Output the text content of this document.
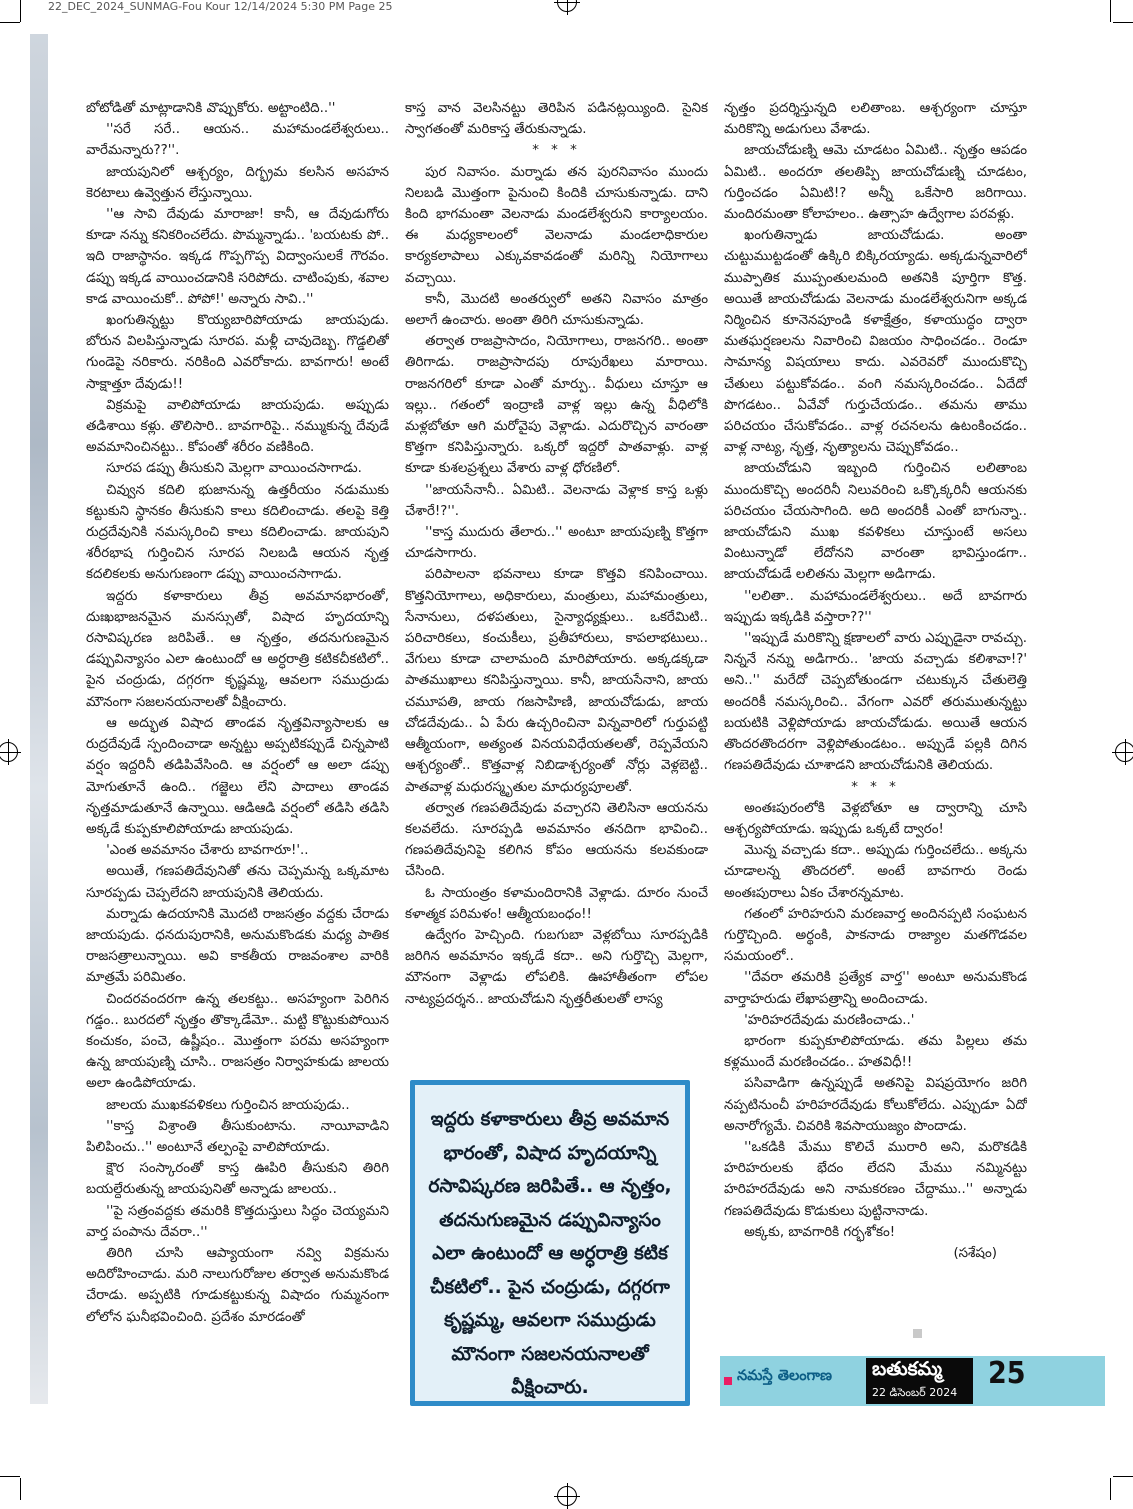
22_DEC_2024_SUNMAG-Fou Kour 12/14/2024 5:30 PM Page 25

బోటోడితో మాట్లాడానికి వొప్పుకోరు. అట్టాంటిది..''

''సరే సరే.. ఆయన.. మహామండలేశ్వరులు.. వారేమన్నారు??''.

జాయపునిలో ఆశ్చర్యం, దిగ్భ్రమ కలసిన అసహన కెరటాలు ఉవ్వెత్తున లేస్తున్నాయి.

''ఆ సావి దేవుడు మారాజా! కానీ, ఆ దేవుడుగోరు కూడా నన్ను కనికరించలేదు. పొమ్మన్నాడు.. 'బయటకు పో.. ఇది రాజాస్థానం. ఇక్కడ గొప్పగొప్ప విద్వాంసులకే గౌరవం. డప్పు ఇక్కడ వాయించడానికి సరిపోదు. చాటింపుకు, శవాల కాడ వాయించుకో.. పోపో!' అన్నారు సావి..''

ఖంగుతిన్నట్టు కొయ్యబారిపోయాడు జాయపుడు. బోరున విలపిస్తున్నాడు సూరప. మళ్లీ చావుదెబ్బ. గొడ్డలితో గుండెపై నరికారు. నరికింది ఎవరోకాదు. బావగారు! అంటే సాక్షాత్తూ దేవుడు!!

విక్రమపై వాలిపోయాడు జాయపుడు. అప్పుడు తడిశాయి కళ్లు. తొలిసారి.. బావగారిపై.. నమ్ముకున్న దేవుడే అవమానించినట్టు.. కోపంతో శరీరం వణికింది.

సూరప డప్పు తీసుకుని మెల్లగా వాయించసాగాడు.

చివ్వున కదిలి భుజానున్న ఉత్తరీయం నడుముకు కట్టుకుని స్థానకం తీసుకుని కాలు కదిలించాడు. తలపై కెత్తి రుద్రదేవునికి నమస్కరించి కాలు కదిలించాడు. జాయపుని శరీరభాష గుర్తించిన సూరప నిలబడి ఆయన నృత్త కదలికలకు అనుగుణంగా డప్పు వాయించసాగాడు.

ఇద్దరు కళాకారులు తీవ్ర అవమానభారంతో, దుఃఖభాజనమైన మనస్సుతో, విషాద హృదయాన్ని రసావిష్కరణ జరిపితే.. ఆ నృత్తం, తదనుగుణమైన డప్పువిన్యాసం ఎలా ఉంటుందో ఆ అర్ధరాత్రి కటికచీకటిలో.. పైన చంద్రుడు, దగ్గరగా కృష్ణమ్మ, ఆవలగా సముద్రుడు మౌనంగా సజలనయనాలతో వీక్షించారు.

ఆ అద్భుత విషాద తాండవ నృత్తవిన్యాసాలకు ఆ రుద్రదేవుడే స్పందించాడా అన్నట్టు అప్పటికప్పుడే చిన్నపాటి వర్షం ఇద్దరినీ తడిపివేసింది. ఆ వర్షంలో ఆ అలా డప్పు మోగుతూనే ఉంది.. గజ్జెలు లేని పాదాలు తాండవ నృత్తమాడుతూనే ఉన్నాయి. ఆడిఆడి వర్షంలో తడిసి తడిసి అక్కడే కుప్పకూలిపోయాడు జాయపుడు.

'ఎంత అవమానం చేశారు బావగారూ!'..

అయితే, గణపతిదేవునితో తను చెప్పమన్న ఒక్కమాట సూరప్పడు చెప్పలేదని జాయపునికి తెలియదు.

మర్నాడు ఉదయానికి మొదటి రాజసత్రం వద్దకు చేరాడు జాయపుడు. ధనదుపురానికి, అనుమకొండకు మధ్య పాతిక రాజసత్రాలున్నాయి. అవి కాకతీయ రాజవంశాల వారికి మాత్రమే పరిమితం.

చిందరవందరగా ఉన్న తలకట్టు.. అసహ్యంగా పెరిగిన గడ్డం.. బురదలో నృత్తం తొక్కాడేమో.. మట్టి కొట్టుకుపోయిన కంచుకం, పంచె, ఉష్ణీషం.. మొత్తంగా పరమ అసహ్యంగా ఉన్న జాయపుణ్ని చూసి.. రాజసత్రం నిర్వాహకుడు జాలయ అలా ఉండిపోయాడు.

జాలయ ముఖకవళికలు గుర్తించిన జాయపుడు..

''కాస్త విశ్రాంతి తీసుకుంటాను. నాయీవాడిని పిలిపించు..'' అంటూనే తల్పంపై వాలిపోయాడు.

క్షౌర సంస్కారంతో కాస్త ఊపిరి తీసుకుని తిరిగి బయల్దేరుతున్న జాయపునితో అన్నాడు జాలయ..

''పై సత్రంవద్దకు తమరికి కొత్తదుస్తులు సిద్ధం చెయ్యమని వార్త పంపాను దేవరా..''

తిరిగి చూసి ఆప్యాయంగా నవ్వి విక్రమను అదిరోహించాడు. మరి నాలుగురోజుల తర్వాత అనుమకొండ చేరాడు. అప్పటికి గూడుకట్టుకున్న విషాదం గుమ్మనంగా లోలోన ఘనీభవించింది. ప్రదేశం మారడంతో

కాస్త వాన వెలసినట్టు తెరిపిన పడినట్లయ్యింది. సైనిక స్వాగతంతో మరికాస్త తేరుకున్నాడు.

* * *

పుర నివాసం. మర్నాడు తన పురనివాసం ముందు నిలబడి మొత్తంగా పైనుంచి కిందికి చూసుకున్నాడు. దాని కింది భాగమంతా వెలనాడు మండలేశ్వరుని కార్యాలయం. ఈ మధ్యకాలంలో వెలనాడు మండలాధికారుల కార్యకలాపాలు ఎక్కువకావడంతో మరిన్ని నియోగాలు వచ్చాయి.

కానీ, మొదటి అంతర్వులో అతని నివాసం మాత్రం అలాగే ఉంచారు. అంతా తిరిగి చూసుకున్నాడు.

తర్వాత రాజప్రాసాదం, నియోగాలు, రాజనగరి.. అంతా తిరిగాడు. రాజప్రాసాదపు రూపురేఖలు మారాయి. రాజనగరిలో కూడా ఎంతో మార్పు.. వీధులు చూస్తూ ఆ ఇల్లు.. గతంలో ఇంద్రాణి వాళ్ల ఇల్లు ఉన్న వీధిలోకి మళ్లబోతూ ఆగి మరోవైపు వెళ్లాడు. ఎదురొచ్చిన వారంతా కొత్తగా కనిపిస్తున్నారు. ఒక్కరో ఇద్దరో పాతవాళ్లు. వాళ్ల కూడా కుశలప్రశ్నలు వేశారు వాళ్ల ధోరణిలో.

''జాయసేనానీ.. ఏమిటి.. వెలనాడు వెళ్లాక కాస్త ఒళ్లు చేశారే!?''.

''కాస్త ముదురు తేలారు..'' అంటూ జాయపుణ్ని కొత్తగా చూడసాగారు.

పరిపాలనా భవనాలు కూడా కొత్తవి కనిపించాయి. కొత్తనియోగాలు, అధికారులు, మంత్రులు, మహామంత్రులు, సేనానులు, దళపతులు, సైన్యాధ్యక్షులు.. ఒకరేమిటి.. పరిచారికలు, కంచుకీలు, ప్రతీహారులు, కాపలాభటులు.. వేగులు కూడా చాలామంది మారిపోయారు. అక్కడక్కడా పాతముఖాలు కనిపిస్తున్నాయి. కానీ, జాయసేనాని, జాయ చమూపతి, జాయ గజసాహిణి, జాయచోడుడు, జాయ చోడదేవుడు.. ఏ పేరు ఉచ్చరించినా విన్నవారిలో గుర్తుపట్టి ఆత్మీయంగా, అత్యంత వినయవిధేయతలతో, రెప్పవేయని ఆశ్చర్యంతో.. కొత్తవాళ్ల నిబిడాశ్చర్యంతో నోర్లు వెళ్లబెట్టి.. పాతవాళ్ల మధురస్మృతుల మాధుర్యపూలతో.

తర్వాత గణపతిదేవుడు వచ్చారని తెలిసినా ఆయనను కలవలేదు. సూరప్పడి అవమానం తనదిగా భావించి.. గణపతిదేవునిపై కలిగిన కోపం ఆయనను కలవకుండా చేసింది.

ఓ సాయంత్రం కళామందిరానికి వెళ్లాడు. దూరం నుంచే కళాత్మక పరిమళం! ఆత్మీయబంధం!!

ఉద్వేగం హెచ్చింది. గుబగుబా వెళ్లబోయి సూరప్పడికి జరిగిన అవమానం ఇక్కడే కదా.. అని గుర్తొచ్చి మెల్లగా, మౌనంగా వెళ్లాడు లోపలికి. ఊహాతీతంగా లోపల నాట్యప్రదర్శన.. జాయచోడుని నృత్తరీతులతో లాస్య

నృత్తం ప్రదర్శిస్తున్నది లలితాంబ. ఆశ్చర్యంగా చూస్తూ మరికొన్ని అడుగులు వేశాడు.

జాయచోడుణ్ని ఆమె చూడటం ఏమిటి.. నృత్తం ఆపడం ఏమిటి.. అందరూ తలతిప్పి జాయచోడుణ్ని చూడటం, గుర్తించడం ఏమిటి!? అన్నీ ఒకేసారి జరిగాయి. మందిరమంతా కోలాహలం.. ఉత్సాహ ఉద్వేగాల పరవళ్లు.

ఖంగుతిన్నాడు జాయచోడుడు. అంతా చుట్టుముట్టడంతో ఉక్కిరి బిక్కిరయ్యాడు. అక్కడున్నవారిలో ముప్పాతిక ముప్పంతులమంది అతనికి పూర్తిగా కొత్త. అయితే జాయచోడుడు వెలనాడు మండలేశ్వరునిగా అక్కడ నిర్మించిన కూనెనపూండి కళాక్షేత్రం, కళాయుద్ధం ద్వారా మతఘర్షణలను నివారించి విజయం సాధించడం.. రెండూ సామాన్య విషయాలు కాదు. ఎవరెవరో ముందుకొచ్చి చేతులు పట్టుకోవడం.. వంగి నమస్కరించడం.. ఏదేదో పొగడటం.. ఏవేవో గుర్తుచేయడం.. తమను తాము పరిచయం చేసుకోవడం.. వాళ్ల రచనలను ఉటంకించడం.. వాళ్ల నాట్య, నృత్త, నృత్యాలను చెప్పుకోవడం..

జాయచోడుని ఇబ్బంది గుర్తించిన లలితాంబ ముందుకొచ్చి అందరినీ నిలువరించి ఒక్కొక్కరినీ ఆయనకు పరిచయం చేయసాగింది. అది అందరికీ ఎంతో బాగున్నా.. జాయచోడుని ముఖ కవళికలు చూస్తుంటే అసలు వింటున్నాడో లేదోనని వారంతా భావిస్తుండగా.. జాయచోడుడే లలితను మెల్లగా అడిగాడు.

''లలితా.. మహామండలేశ్వరులు.. అదే బావగారు ఇప్పుడు ఇక్కడికి వస్తారా??''

''ఇప్పుడే మరికొన్ని క్షణాలలో వారు ఎప్పుడైనా రావచ్చు. నిన్ననే నన్ను అడిగారు.. 'జాయ వచ్చాడు కలిశావా!?' అని..'' మరేదో చెప్పబోతుండగా చటుక్కున చేతులెత్తి అందరికీ నమస్కరించి.. వేగంగా ఎవరో తరుముతున్నట్టు బయటికి వెళ్లిపోయాడు జాయచోడుడు. అయితే ఆయన తొందరతొందరగా వెళ్లిపోతుండటం.. అప్పుడే పల్లకి దిగిన గణపతిదేవుడు చూశాడని జాయచోడునికి తెలియదు.

* * *

అంతఃపురంలోకి వెళ్లబోతూ ఆ ద్వారాన్ని చూసి ఆశ్చర్యపోయాడు. ఇప్పుడు ఒక్కటే ద్వారం!

మొన్న వచ్చాడు కదా.. అప్పుడు గుర్తించలేదు.. అక్కను చూడాలన్న తొందరలో. అంటే బావగారు రెండు అంతఃపురాలు ఏకం చేశారన్నమాట.

గతంలో హరిహరుని మరణవార్త అందినప్పటి సంఘటన గుర్తొచ్చింది. అర్థంకి, పాకనాడు రాజ్యాల మతగొడవల సమయంలో..

''దేవరా తమరికి ప్రత్యేక వార్త'' అంటూ అనుమకొండ వార్తాహరుడు లేఖాపత్రాన్ని అందించాడు.

'హరిహరదేవుడు మరణించాడు..'

భారంగా కుప్పకూలిపోయాడు. తమ పిల్లలు తమ కళ్లముందే మరణించడం.. హతవిధీ!!

పసివాడిగా ఉన్నప్పుడే అతనిపై విషప్రయోగం జరిగి నప్పటినుంచీ హరిహరదేవుడు కోలుకోలేదు. ఎప్పుడూ ఏదో అనారోగ్యమే. చివరికి శివసాయుజ్యం పొందాడు.

''ఒకడికి మేము కొలిచే మురారి అని, మరొకడికి హరిహరులకు భేదం లేదని మేము నమ్మినట్టు హరిహరదేవుడు అని నామకరణం చేద్దాము..'' అన్నాడు గణపతిదేవుడు కొడుకులు పుట్టినానాడు.

అక్కకు, బావగారికి గర్భశోకం!

(సశేషం)

ఇద్దరు కళాకారులు తీవ్ర అవమాన భారంతో, విషాద హృదయాన్ని రసావిష్కరణ జరిపితే.. ఆ నృత్తం, తదనుగుణమైన డప్పువిన్యాసం ఎలా ఉంటుందో ఆ అర్ధరాత్రి కటిక చీకటిలో.. పైన చంద్రుడు, దగ్గరగా కృష్ణమ్మ, ఆవలగా సముద్రుడు మౌనంగా సజలనయనాలతో వీక్షించారు.

నమస్తే తెలంగాణ బతుకమ్మ
22 డిసెంబర్ 2024
25
